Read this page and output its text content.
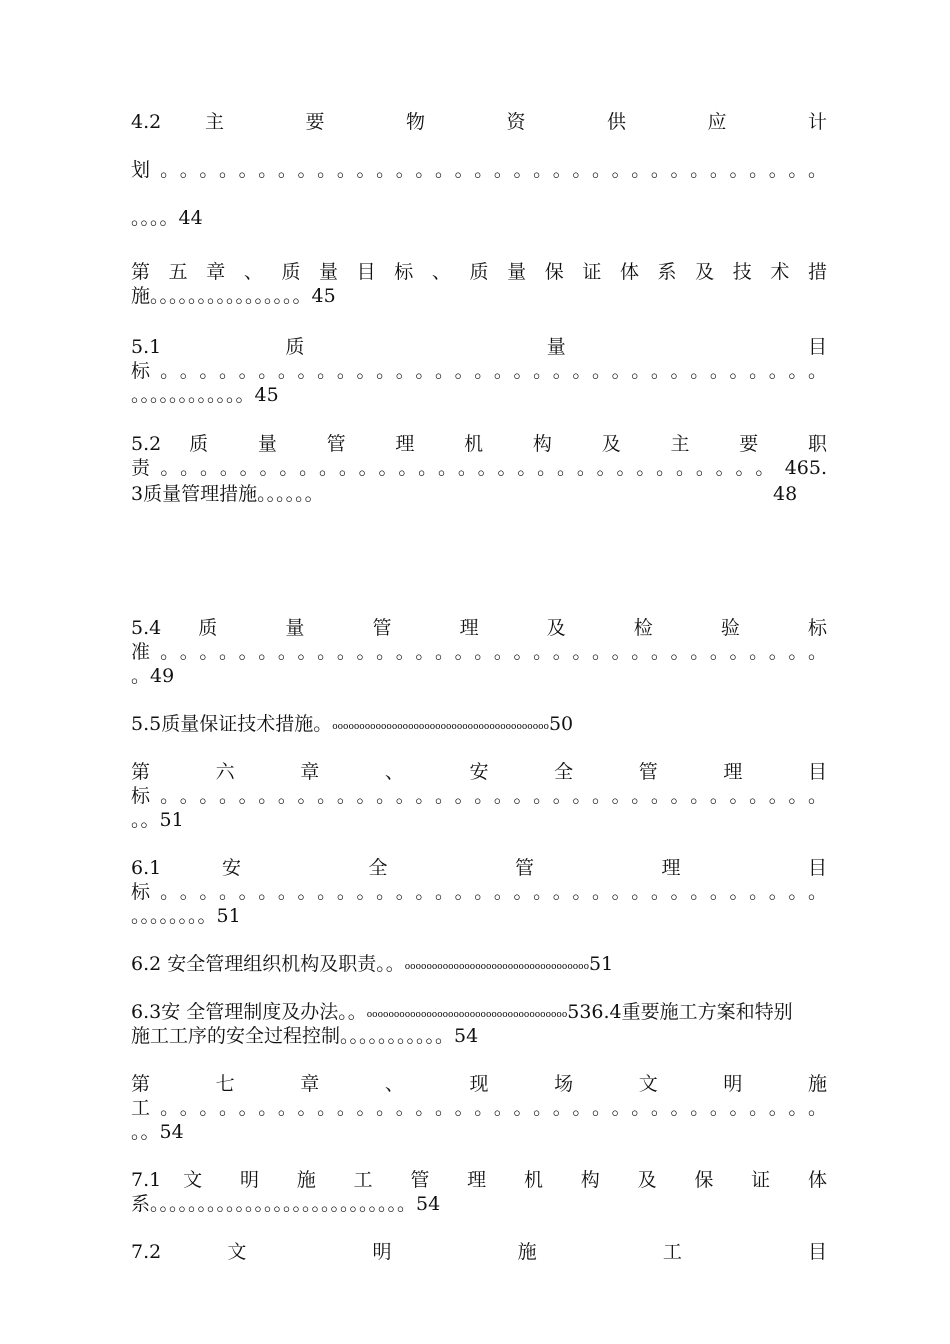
4.2 主 要 物 资 供 应 计
划。。。。。。。。。。。。。。。。。。。。。。。。。。。。。。。。。。
。。。。44
第 五 章 、 质 量 目 标 、 质 量 保 证 体 系 及 技 术 措
施。。。。。。。。。。。。。。。。45
5.1 质 量 目
标。。。。。。。。。。。。。。。。。。。。。。。。。。。。。。。。。。
。。。。。。。。。。。。45
5.2 质 量 管 理 机 构 及 主 要 职
责。。。。。。。。。。。。。。。。。。。。。。。。。。。。。。。465.
3质量管理措施。。。。。。	48
5.4 质 量 管 理 及 检 验 标
准。。。。。。。。。。。。。。。。。。。。。。。。。。。。。。。。。。
。49
5.5质量保证技术措施。oooooooooooooooooooooooooooooooooooooooo50
第 六 章 、 安 全 管 理 目
标。。。。。。。。。。。。。。。。。。。。。。。。。。。。。。。。。。
。。51
6.1安 全 管 理 目
标。。。。。。。。。。。。。。。。。。。。。。。。。。。。。。。。。。
。。。。。。。。51
6.2 安全管理组织机构及职责。。oooooooooooooooooooooooooooooooooo51
6.3安 全管理制度及办法。。ooooooooooooooooooooooooooooooooooooo536.4重要施工方案和特别
施工工序的安全过程控制。。。。。。。。。。。54
第 七 章 、 现 场 文 明 施
工。。。。。。。。。。。。。。。。。。。。。。。。。。。。。。。。。。
。。54
7.1 文 明 施 工 管 理 机 构 及 保 证 体
系。。。。。。。。。。。。。。。。。。。。。。。。。。。54
7.2 文 明 施 工 目
